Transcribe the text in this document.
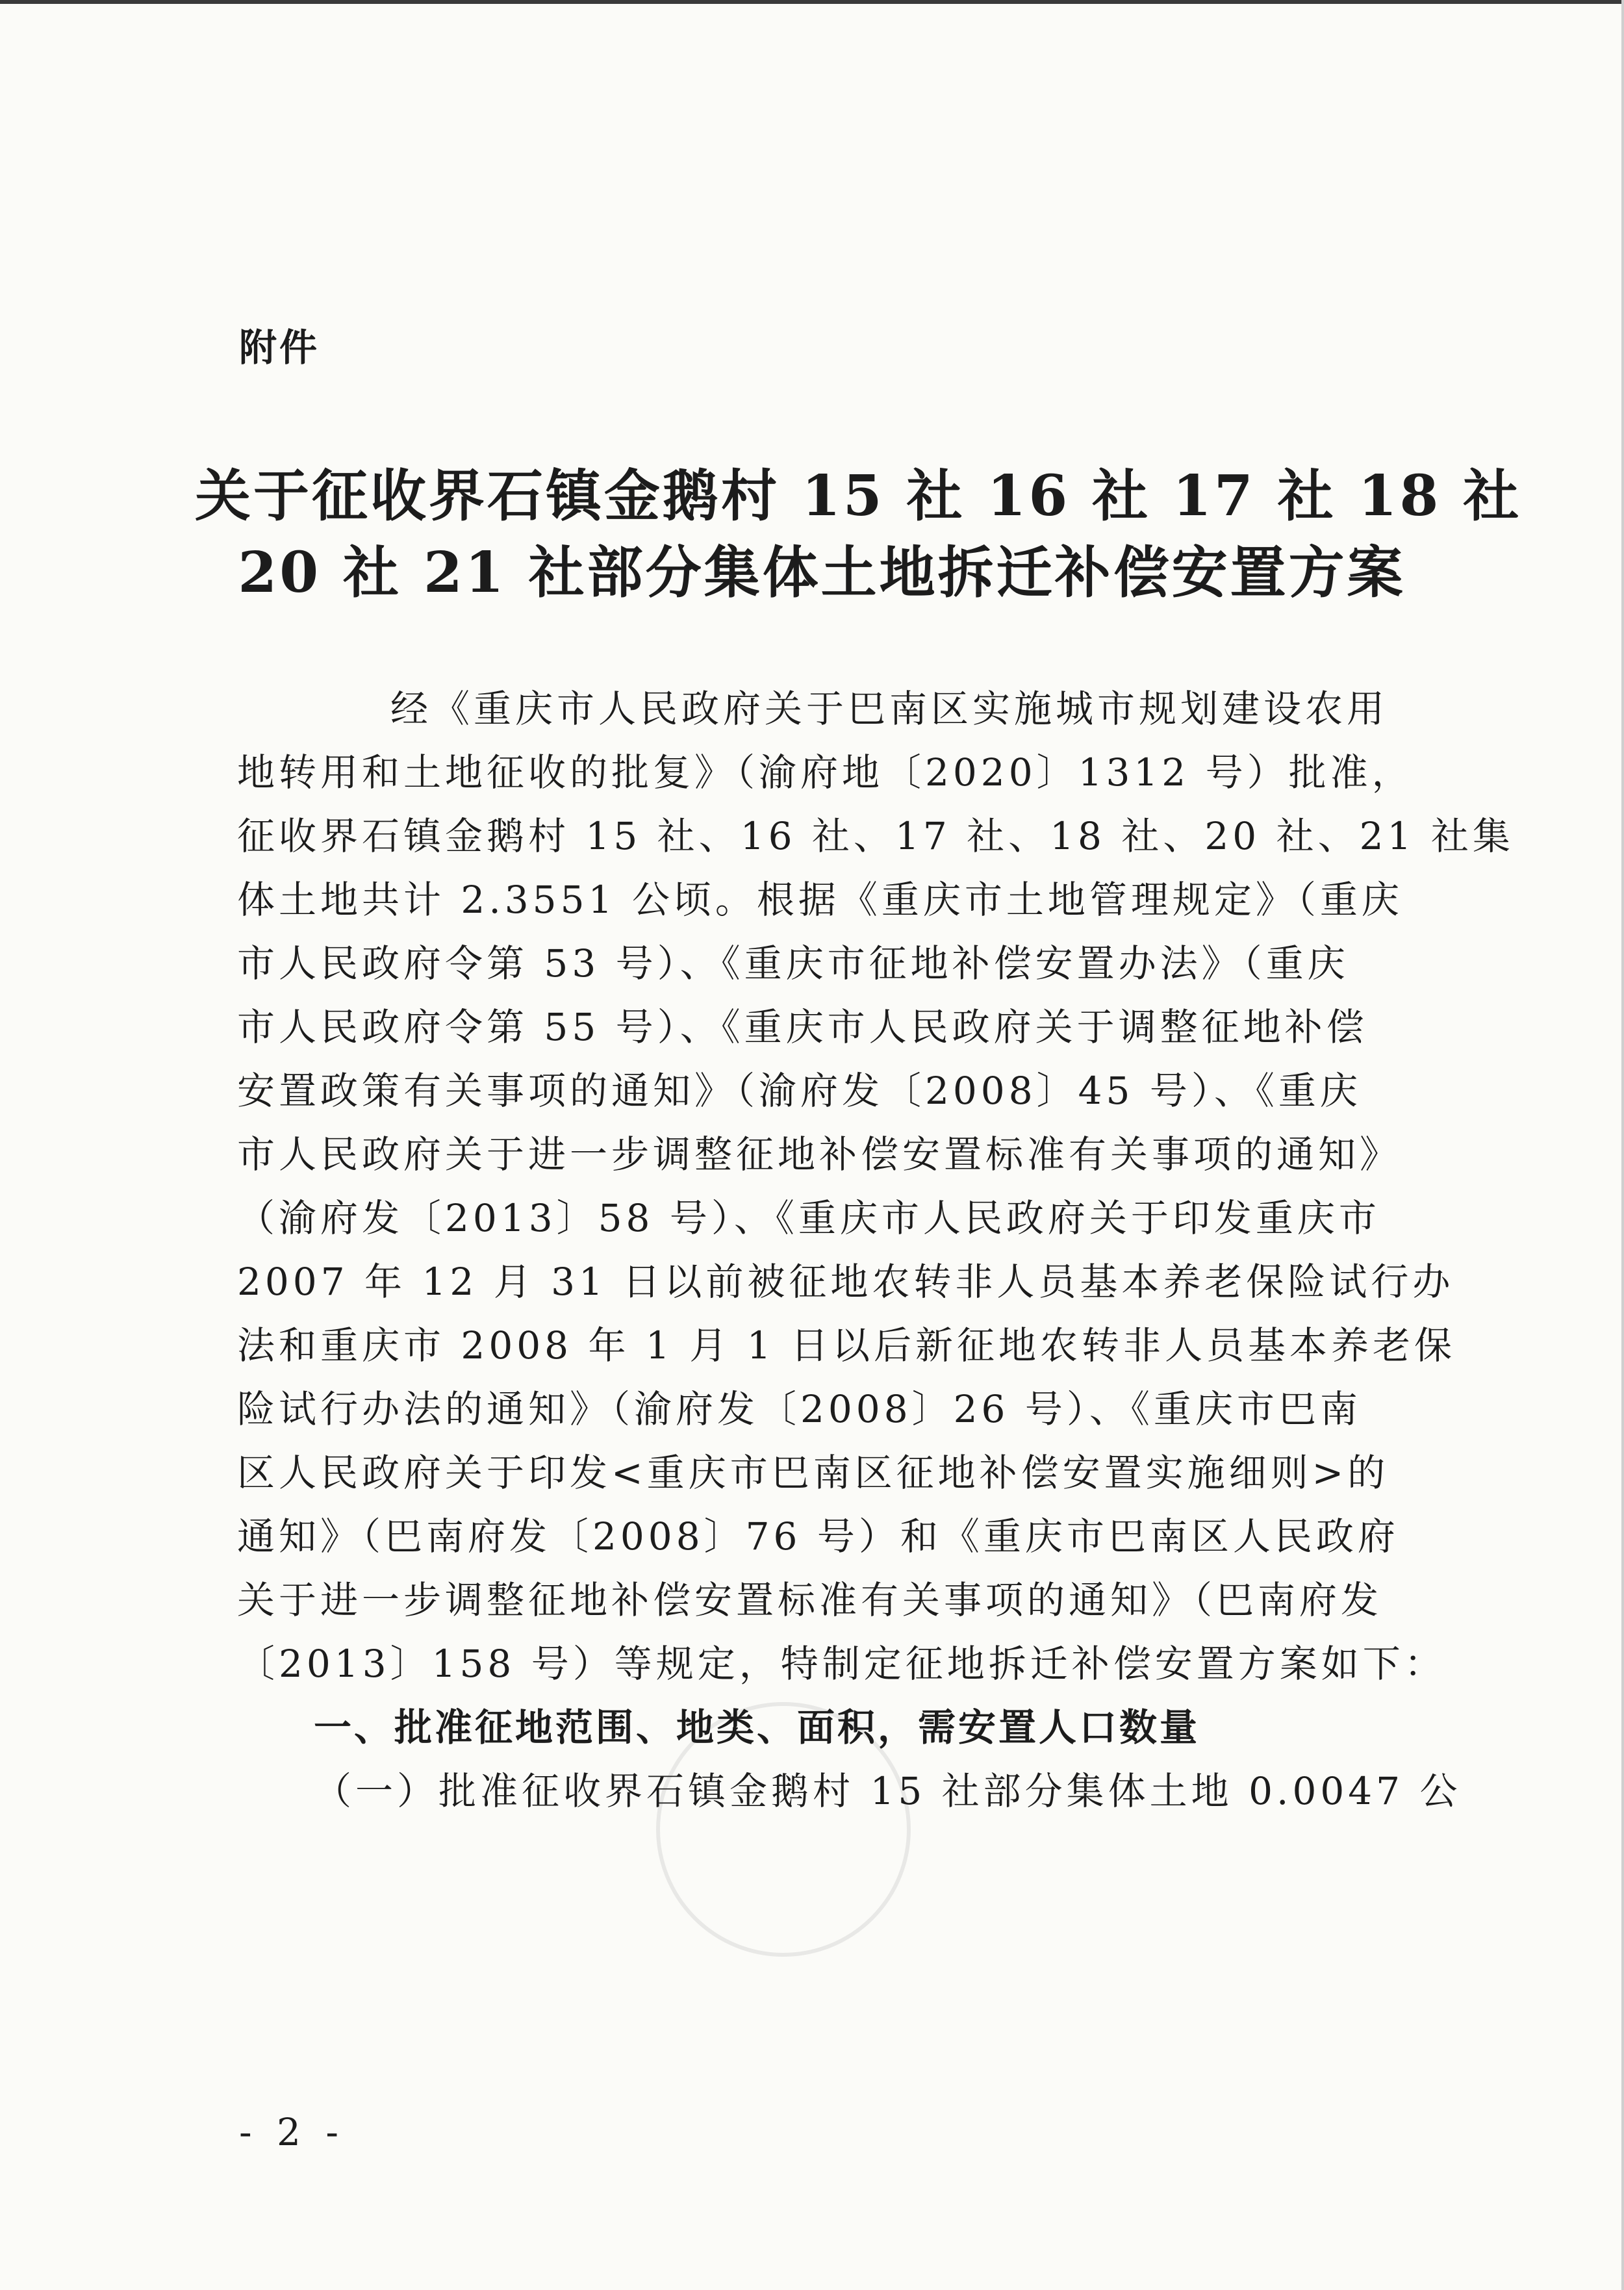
附件

关于征收界石镇金鹅村 15 社 16 社 17 社 18 社
20 社 21 社部分集体土地拆迁补偿安置方案
经《重庆市人民政府关于巴南区实施城市规划建设农用
地转用和土地征收的批复》（渝府地〔2020〕1312 号）批准，
征收界石镇金鹅村 15 社、16 社、17 社、18 社、20 社、21 社集
体土地共计 2.3551 公顷。根据《重庆市土地管理规定》（重庆
市人民政府令第 53 号）、《重庆市征地补偿安置办法》（重庆
市人民政府令第 55 号）、《重庆市人民政府关于调整征地补偿
安置政策有关事项的通知》（渝府发〔2008〕45 号）、《重庆
市人民政府关于进一步调整征地补偿安置标准有关事项的通知》
（渝府发〔2013〕58 号）、《重庆市人民政府关于印发重庆市
2007 年 12 月 31 日以前被征地农转非人员基本养老保险试行办
法和重庆市 2008 年 1 月 1 日以后新征地农转非人员基本养老保
险试行办法的通知》（渝府发〔2008〕26 号）、《重庆市巴南
区人民政府关于印发<重庆市巴南区征地补偿安置实施细则>的
通知》（巴南府发〔2008〕76 号）和《重庆市巴南区人民政府
关于进一步调整征地补偿安置标准有关事项的通知》（巴南府发
〔2013〕158 号）等规定，特制定征地拆迁补偿安置方案如下：
一、批准征地范围、地类、面积，需安置人口数量
（一）批准征收界石镇金鹅村 15 社部分集体土地 0.0047 公

- 2 -
